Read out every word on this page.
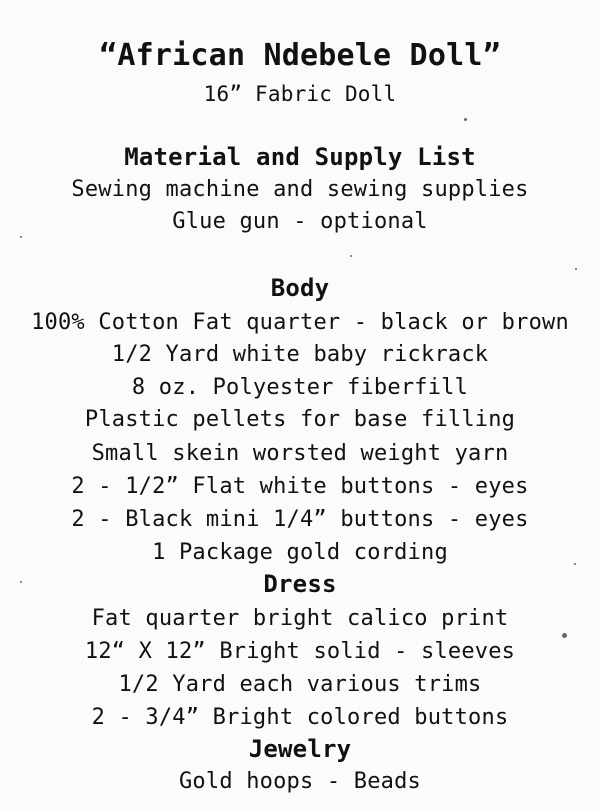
“African Ndebele Doll”
16” Fabric Doll
Material and Supply List
Sewing machine and sewing supplies
Glue gun - optional
Body
100% Cotton Fat quarter - black or brown
1/2 Yard white baby rickrack
8 oz. Polyester fiberfill
Plastic pellets for base filling
Small skein worsted weight yarn
2 - 1/2” Flat white buttons - eyes
2 - Black mini 1/4” buttons - eyes
1 Package gold cording
Dress
Fat quarter bright calico print
12“ X 12” Bright solid - sleeves
1/2 Yard each various trims
2 - 3/4” Bright colored buttons
Jewelry
Gold hoops - Beads
